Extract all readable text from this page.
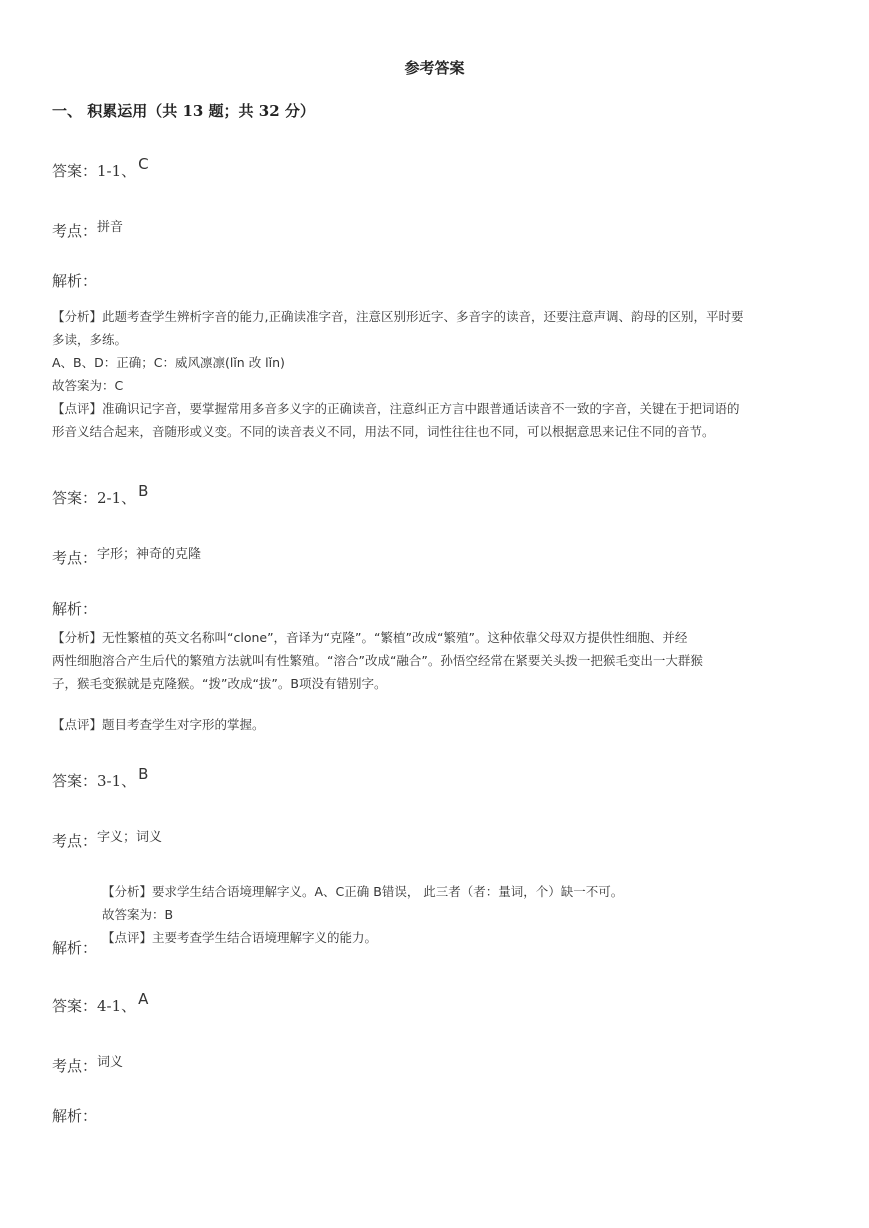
参考答案
一、 积累运用（共 13 题；共 32 分）
答案：1-1、 C
考点：拼音
解析：
【分析】此题考查学生辨析字音的能力,正确读准字音，注意区别形近字、多音字的读音，还要注意声调、韵母的区别，平时要
多读，多练。
A、B、D：正确；C：威风凛凛(lǐn 改 lǐn)
故答案为：C
【点评】准确识记字音，要掌握常用多音多义字的正确读音，注意纠正方言中跟普通话读音不一致的字音，关键在于把词语的
形音义结合起来，音随形或义变。不同的读音表义不同，用法不同，词性往往也不同，可以根据意思来记住不同的音节。
答案：2-1、 B
考点：字形；神奇的克隆
解析：
【分析】无性繁植的英文名称叫“clone”，音译为“克隆”。“繁植”改成“繁殖”。这种依靠父母双方提供性细胞、并经
两性细胞溶合产生后代的繁殖方法就叫有性繁殖。“溶合”改成“融合”。孙悟空经常在紧要关头拨一把猴毛变出一大群猴
子，猴毛变猴就是克隆猴。“拨”改成“拔”。B项没有错别字。
【点评】题目考查学生对字形的掌握。
答案：3-1、 B
考点：字义；词义
【分析】要求学生结合语境理解字义。A、C正确 B错误， 此三者（者：量词，个）缺一不可。
故答案为：B
【点评】主要考查学生结合语境理解字义的能力。
解析：
答案：4-1、 A
考点：词义
解析：
